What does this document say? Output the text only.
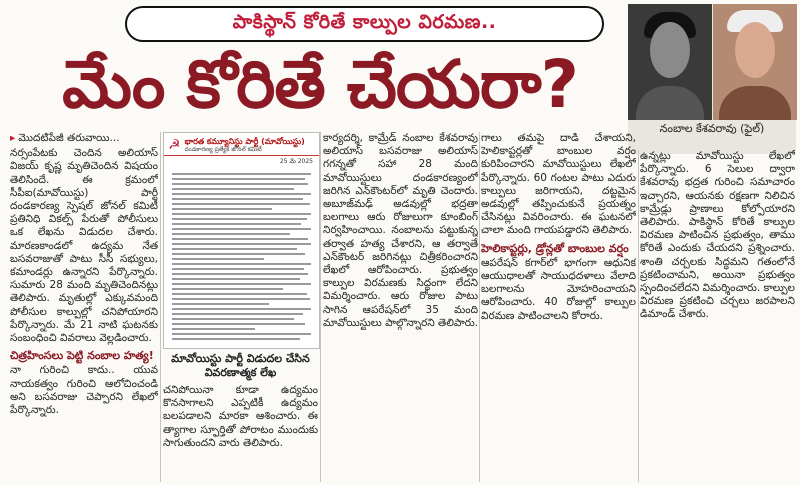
పాకిస్థాన్ కోరితే కాల్పుల విరమణ..
మేం కోరితే చేయరా?
నంబాల కేశవరావు (ఫైల్)

▸ మొదటిపేజీ తరువాయి...

నర్సంపేటకు చెందిన అలియాస్ విజయ్ కృష్ణ మృతిచెందిన విషయం తెలిసిందే. ఈ క్రమంలో సీపీఐ(మావోయిస్టు) పార్టీ దండకారణ్య స్పెషల్ జోనల్ కమిటీ ప్రతినిధి వికల్ప్ పేరుతో పోలీసులు ఒక లేఖను విడుదల చేశారు. మారణకాండలో ఉద్యమ నేత బసవరాజుతో పాటు సీసీ సభ్యులు, కమాండర్లు ఉన్నారని పేర్కొన్నారు. సుమారు 28 మంది మృతిచెందినట్లు తెలిపారు. మృతుల్లో ఎక్కువమంది పోలీసుల కాల్పుల్లో చనిపోయారని పేర్కొన్నారు. మే 21 నాటి ఘటనకు సంబంధించి వివరాలు వెల్లడించారు.

చిత్రహింసలు పెట్టి నంబాల హత్య!

నా గురించి కాదు.. యువ నాయకత్వం గురించి ఆలోచించండి అని బసవరాజు చెప్పారని లేఖలో పేర్కొన్నారు.

☭ భారత కమ్యూనిస్టు పార్టీ (మావోయిస్టు)
దండకారణ్య ప్రత్యేక జోనల్ కమిటీ
25 మే 2025
మావోయిస్టు పార్టీ విడుదల చేసిన వివరణాత్మక లేఖ
చనిపోయినా కూడా ఉద్యమం కొనసాగాలని ఎప్పటికీ ఉద్యమం బలపడాలని మారకా ఆశించారు. ఈ త్యాగాల స్ఫూర్తితో పోరాటం ముందుకు సాగుతుందని వారు తెలిపారు.

కార్యదర్శి, కామ్రేడ్ నంబాల కేశవరావు అలియాస్ బసవరాజు అలియాస్ గగన్నతో సహా 28 మంది మావోయిస్టులు దండకారణ్యంలో జరిగిన ఎన్‌కౌంటర్‌లో మృతి చెందారు. అబూజ్‌మఢ్ అడవుల్లో భద్రతా బలగాలు ఆరు రోజులుగా కూంబింగ్ నిర్వహించాయి. నంబాలను పట్టుకున్న తర్వాత హత్య చేశారని, ఆ తర్వాతే ఎన్‌కౌంటర్ జరిగినట్లు చిత్రీకరించారని లేఖలో ఆరోపించారు. ప్రభుత్వం కాల్పుల విరమణకు సిద్ధంగా లేదని విమర్శించారు. ఆరు రోజుల పాటు సాగిన ఆపరేషన్‌లో 35 మంది మావోయిస్టులు పాల్గొన్నారని తెలిపారు.

గాలు తమపై దాడి చేశాయని, హెలికాప్టర్లతో బాంబుల వర్షం కురిపించారని మావోయిస్టులు లేఖలో పేర్కొన్నారు. 60 గంటల పాటు ఎదురు కాల్పులు జరిగాయని, దట్టమైన అడవుల్లో తప్పించుకునే ప్రయత్నం చేసినట్లు వివరించారు. ఈ ఘటనలో చాలా మంది గాయపడ్డారని తెలిపారు.

హెలికాప్టర్లు, డ్రోన్లతో బాంబుల వర్షం

ఆపరేషన్ కగార్‌లో భాగంగా ఆధునిక ఆయుధాలతో సాయుధదళాలు వేలాది బలగాలను మోహరించాయని ఆరోపించారు. 40 రోజుల్లో కాల్పుల విరమణ పాటించాలని కోరారు.

ఉన్నట్లు మావోయిస్టు లేఖలో పేర్కొన్నారు. 6 సెలుల ద్వారా కేశవరావు భద్రత గురించి సమాచారం ఇచ్చారని, ఆయనకు రక్షణగా నిలిచిన కామ్రేడ్లు ప్రాణాలు కోల్పోయారని తెలిపారు. పాకిస్థాన్ కోరితే కాల్పుల విరమణ పాటించిన ప్రభుత్వం, తాము కోరితే ఎందుకు చేయదని ప్రశ్నించారు. శాంతి చర్చలకు సిద్ధమని గతంలోనే ప్రకటించామని, అయినా ప్రభుత్వం స్పందించలేదని విమర్శించారు. కాల్పుల విరమణ ప్రకటించి చర్చలు జరపాలని డిమాండ్ చేశారు.
